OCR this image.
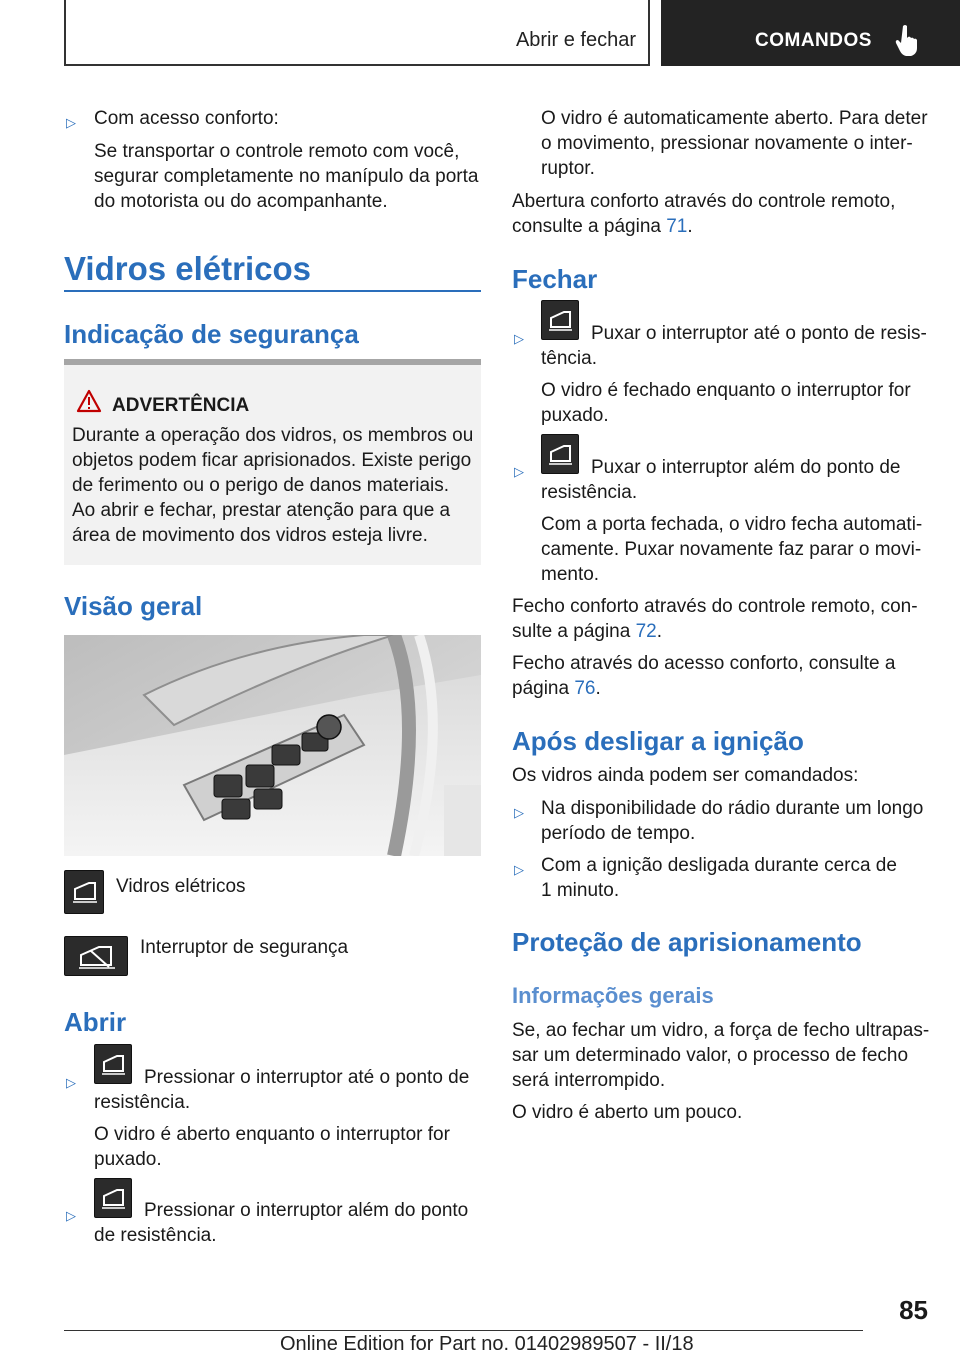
Abrir e fechar	COMANDOS
▷ Com acesso conforto:
Se transportar o controle remoto com você,
segurar completamente no manípulo da porta
do motorista ou do acompanhante.
Vidros elétricos
Indicação de segurança
ADVERTÊNCIA
Durante a operação dos vidros, os membros ou
objetos podem ficar aprisionados. Existe perigo
de ferimento ou o perigo de danos materiais.
Ao abrir e fechar, prestar atenção para que a
área de movimento dos vidros esteja livre.
Visão geral
Vidros elétricos
Interruptor de segurança
Abrir
▷	Pressionar o interruptor até o ponto de
resistência.
O vidro é aberto enquanto o interruptor for
puxado.
▷	Pressionar o interruptor além do ponto
de resistência.
O vidro é automaticamente aberto. Para deter
o movimento, pressionar novamente o inter-
ruptor.
Abertura conforto através do controle remoto,
consulte a página 71.
Fechar
▷	Puxar o interruptor até o ponto de resis-
tência.
O vidro é fechado enquanto o interruptor for
puxado.
▷	Puxar o interruptor além do ponto de
resistência.
Com a porta fechada, o vidro fecha automati-
camente. Puxar novamente faz parar o movi-
mento.
Fecho conforto através do controle remoto, con-
sulte a página 72.
Fecho através do acesso conforto, consulte a
página 76.
Após desligar a ignição
Os vidros ainda podem ser comandados:
▷ Na disponibilidade do rádio durante um longo
período de tempo.
▷ Com a ignição desligada durante cerca de
1 minuto.
Proteção de aprisionamento
Informações gerais
Se, ao fechar um vidro, a força de fecho ultrapas-
sar um determinado valor, o processo de fecho
será interrompido.
O vidro é aberto um pouco.
85
Online Edition for Part no. 01402989507 - II/18
